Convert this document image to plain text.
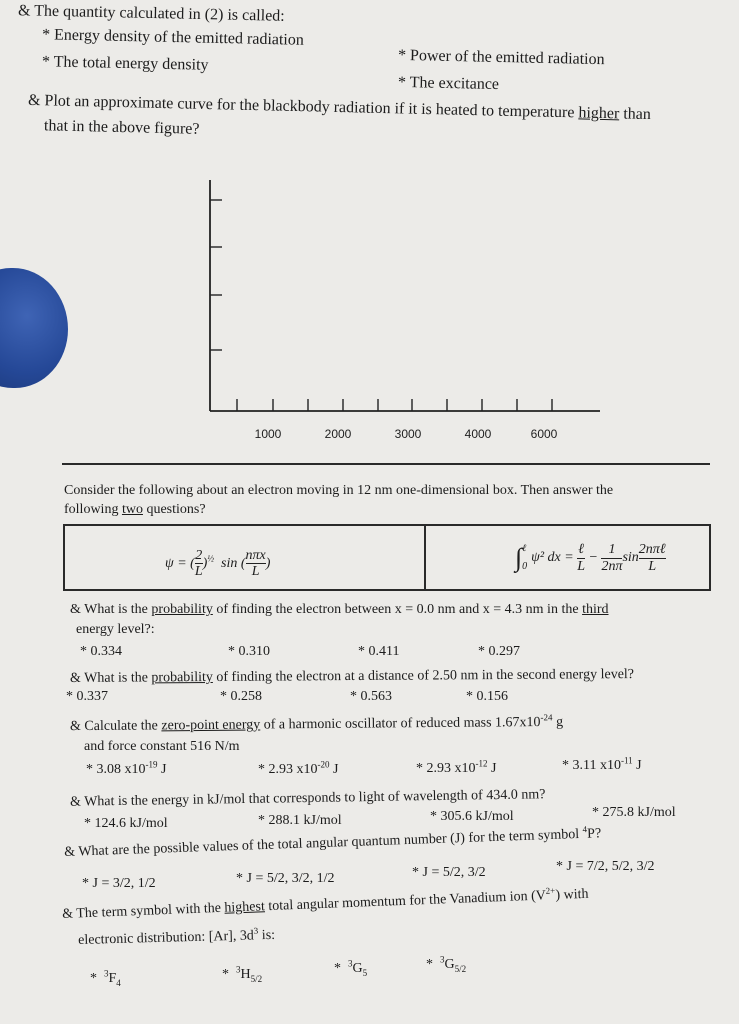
& The quantity calculated in (2) is called:
* Energy density of the emitted radiation
* Power of the emitted radiation
* The total energy density
* The excitance
& Plot an approximate curve for the blackbody radiation if it is heated to temperature higher than
that in the above figure?
1000	2000	3000	4000	6000
Consider the following about an electron moving in 12 nm one-dimensional box. Then answer the
following two questions?
ψ = ( $\frac{2}{L} )^{\frac{1}{2}}$ sin (
nπx
L
)	∫ ℓ
0
ψ² dx =
ℓ
L
− $\frac{1}{2n\pi}$ sin
2nπℓ
L
& What is the probability of finding the electron between x = 0.0 nm and x = 4.3 nm in the third
energy level?:
* 0.334	* 0.310	* 0.411	* 0.297
& What is the probability of finding the electron at a distance of 2.50 nm in the second energy level?
* 0.337	* 0.258	* 0.563	* 0.156
& Calculate the zero-point energy of a harmonic oscillator of reduced mass $1.67x10^{-24}$ g
and force constant 516 N/m
* 3.08 $x10^{-19}$ J	* 2.93 $x10^{-20}$ J	* 2.93 $x10^{-12}$ J	* 3.11 $x10^{-11}$ J
& What is the energy in kJ/mol that corresponds to light of wavelength of 434.0 nm?
* 124.6 kJ/mol	* 288.1 kJ/mol	* 305.6 kJ/mol	* 275.8 kJ/mol
& What are the possible values of the total angular quantum number (J) for the term symbol $^4$P?
* J = 3/2, 1/2	* J = 5/2, 3/2, 1/2	* J = 5/2, 3/2	* J = 7/2, 5/2, 3/2
& The term symbol with the highest total angular momentum for the Vanadium ion $(V^{2+})$ with
electronic distribution: [Ar], $3d^3$ is:
* $^3F_4$
* $^3H_{5/2}$
* $^3G_5$
* $^3G_{5/2}$
